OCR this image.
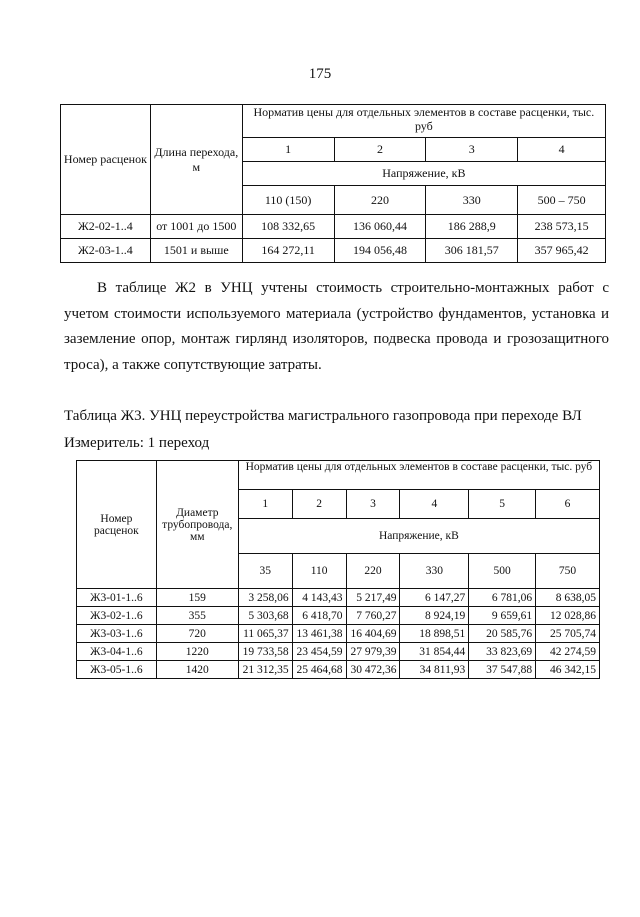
175
Номер расценок	Длина перехода, м	Норматив цены для отдельных элементов в составе расценки, тыс. руб			
		1	2	3	4
		Напряжение, кВ			
		110 (150)	220	330	500 – 750
Ж2-02-1..4	от 1001 до 1500	108 332,65	136 060,44	186 288,9	238 573,15
Ж2-03-1..4	1501 и выше	164 272,11	194 056,48	306 181,57	357 965,42
В таблице Ж2 в УНЦ учтены стоимость строительно-монтажных работ с учетом стоимости используемого материала (устройство фундаментов, установка и заземление опор, монтаж гирлянд изоляторов, подвеска провода и грозозащитного троса), а также сопутствующие затраты.
Таблица Ж3. УНЦ переустройства магистрального газопровода при переходе ВЛ
Измеритель: 1 переход
Номер расценок	Диаметр трубопровода, мм	Норматив цены для отдельных элементов в составе расценки, тыс. руб					
		1	2	3	4	5	6
		Напряжение, кВ					
		35	110	220	330	500	750
Ж3-01-1..6	159	3 258,06	4 143,43	5 217,49	6 147,27	6 781,06	8 638,05
Ж3-02-1..6	355	5 303,68	6 418,70	7 760,27	8 924,19	9 659,61	12 028,86
Ж3-03-1..6	720	11 065,37	13 461,38	16 404,69	18 898,51	20 585,76	25 705,74
Ж3-04-1..6	1220	19 733,58	23 454,59	27 979,39	31 854,44	33 823,69	42 274,59
Ж3-05-1..6	1420	21 312,35	25 464,68	30 472,36	34 811,93	37 547,88	46 342,15
